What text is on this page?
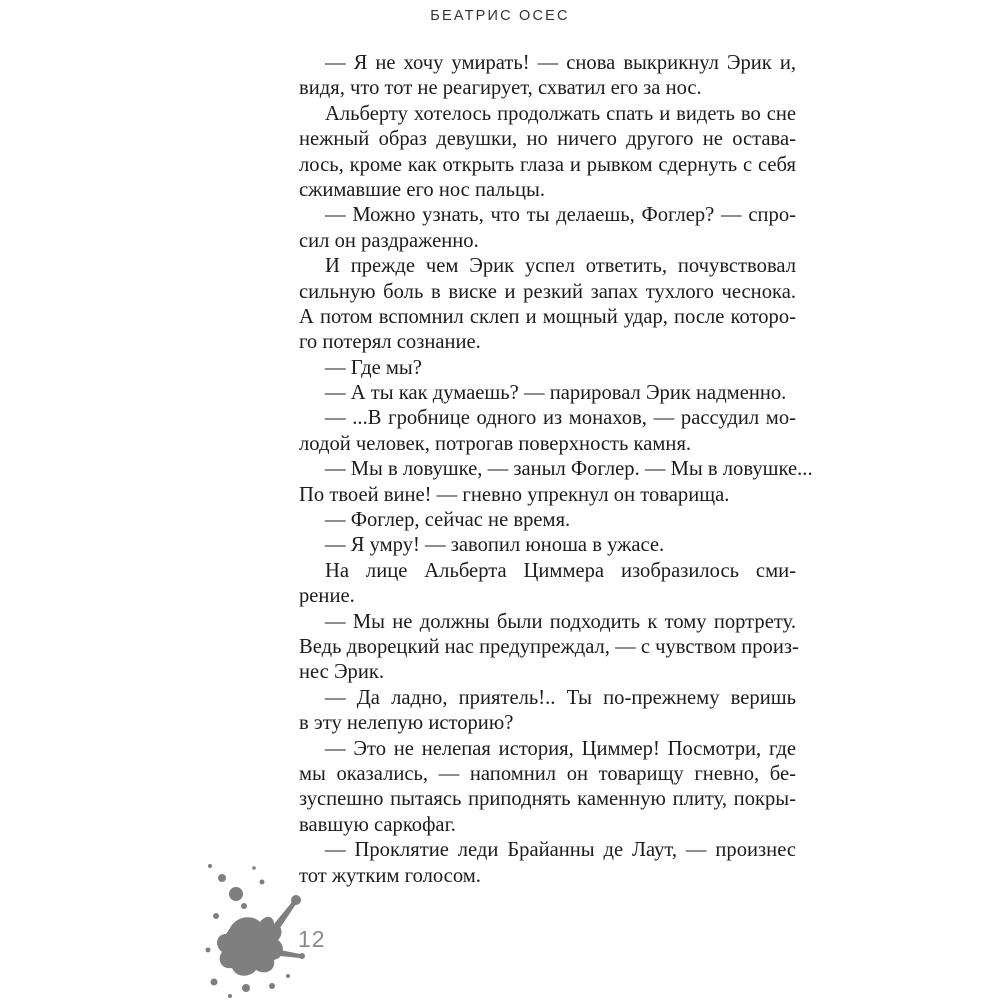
БЕАТРИС ОСЕС
— Я не хочу умирать! — снова выкрикнул Эрик и,
видя, что тот не реагирует, схватил его за нос.
Альберту хотелось продолжать спать и видеть во сне
нежный образ девушки, но ничего другого не остава-
лось, кроме как открыть глаза и рывком сдернуть с себя
сжимавшие его нос пальцы.
— Можно узнать, что ты делаешь, Фоглер? — спро-
сил он раздраженно.
И прежде чем Эрик успел ответить, почувствовал
сильную боль в виске и резкий запах тухлого чеснока.
А потом вспомнил склеп и мощный удар, после которо-
го потерял сознание.
— Где мы?
— А ты как думаешь? — парировал Эрик надменно.
— ...В гробнице одного из монахов, — рассудил мо-
лодой человек, потрогав поверхность камня.
— Мы в ловушке, — заныл Фоглер. — Мы в ловушке...
По твоей вине! — гневно упрекнул он товарища.
— Фоглер, сейчас не время.
— Я умру! — завопил юноша в ужасе.
На лице Альберта Циммера изобразилось сми-
рение.
— Мы не должны были подходить к тому портрету.
Ведь дворецкий нас предупреждал, — с чувством произ-
нес Эрик.
— Да ладно, приятель!.. Ты по-прежнему веришь
в эту нелепую историю?
— Это не нелепая история, Циммер! Посмотри, где
мы оказались, — напомнил он товарищу гневно, бе-
зуспешно пытаясь приподнять каменную плиту, покры-
вавшую саркофаг.
— Проклятие леди Брайанны де Лаут, — произнес
тот жутким голосом.
12
